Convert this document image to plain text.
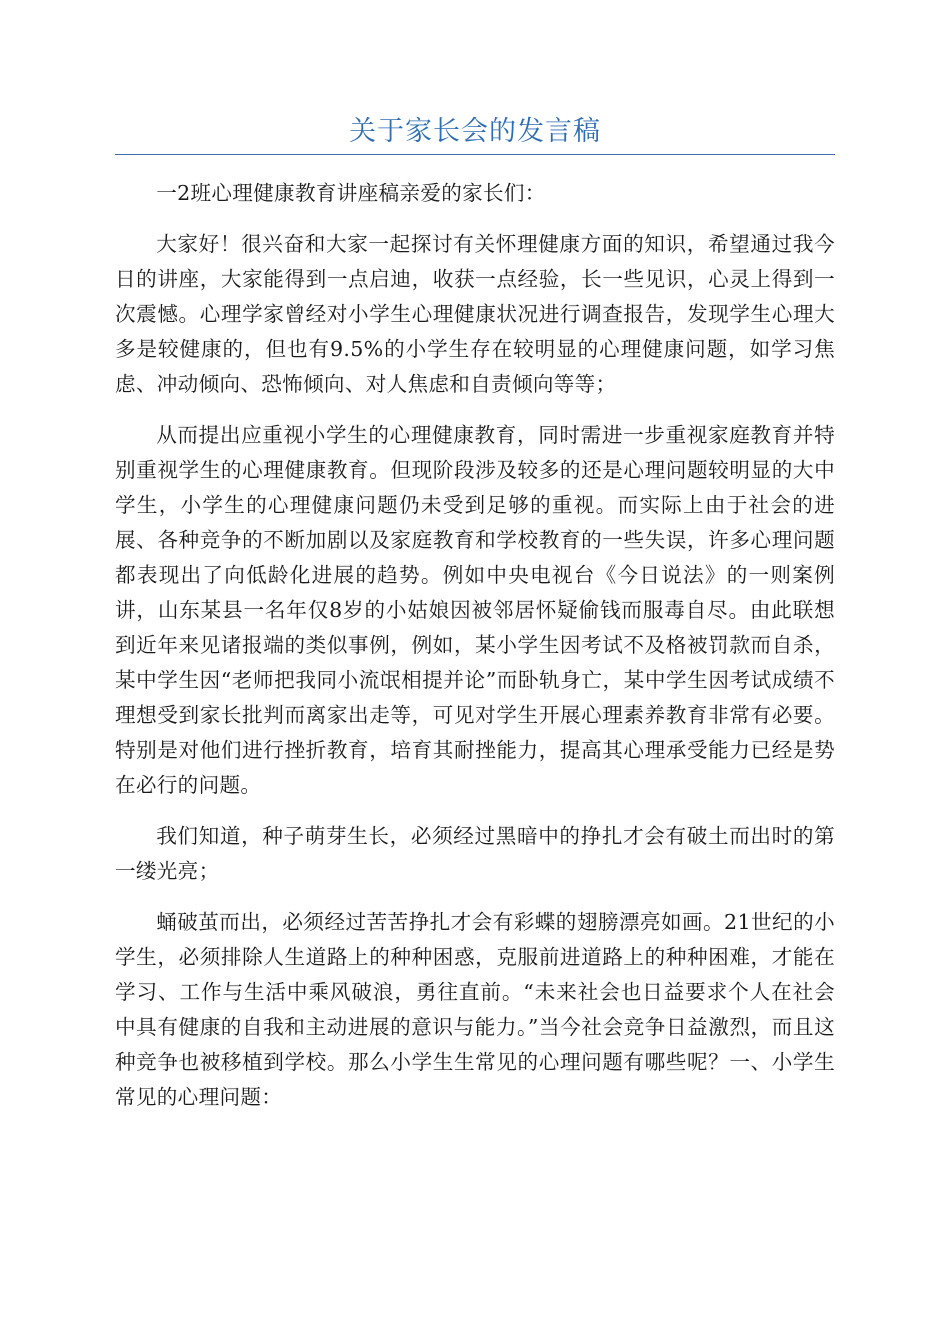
关于家长会的发言稿

一2班心理健康教育讲座稿亲爱的家长们：

大家好！很兴奋和大家一起探讨有关怀理健康方面的知识，希望通过我今日的讲座，大家能得到一点启迪，收获一点经验，长一些见识，心灵上得到一次震憾。心理学家曾经对小学生心理健康状况进行调查报告，发现学生心理大多是较健康的，但也有9.5%的小学生存在较明显的心理健康问题，如学习焦虑、冲动倾向、恐怖倾向、对人焦虑和自责倾向等等；

从而提出应重视小学生的心理健康教育，同时需进一步重视家庭教育并特别重视学生的心理健康教育。但现阶段涉及较多的还是心理问题较明显的大中学生，小学生的心理健康问题仍未受到足够的重视。而实际上由于社会的进展、各种竞争的不断加剧以及家庭教育和学校教育的一些失误，许多心理问题都表现出了向低龄化进展的趋势。例如中央电视台《今日说法》的一则案例讲，山东某县一名年仅8岁的小姑娘因被邻居怀疑偷钱而服毒自尽。由此联想到近年来见诸报端的类似事例，例如，某小学生因考试不及格被罚款而自杀，某中学生因“老师把我同小流氓相提并论”而卧轨身亡，某中学生因考试成绩不理想受到家长批判而离家出走等，可见对学生开展心理素养教育非常有必要。特别是对他们进行挫折教育，培育其耐挫能力，提高其心理承受能力已经是势在必行的问题。

我们知道，种子萌芽生长，必须经过黑暗中的挣扎才会有破土而出时的第一缕光亮；

蛹破茧而出，必须经过苦苦挣扎才会有彩蝶的翅膀漂亮如画。21世纪的小学生，必须排除人生道路上的种种困惑，克服前进道路上的种种困难，才能在学习、工作与生活中乘风破浪，勇往直前。“未来社会也日益要求个人在社会中具有健康的自我和主动进展的意识与能力。”当今社会竞争日益激烈，而且这种竞争也被移植到学校。那么小学生生常见的心理问题有哪些呢？一、小学生常见的心理问题：
